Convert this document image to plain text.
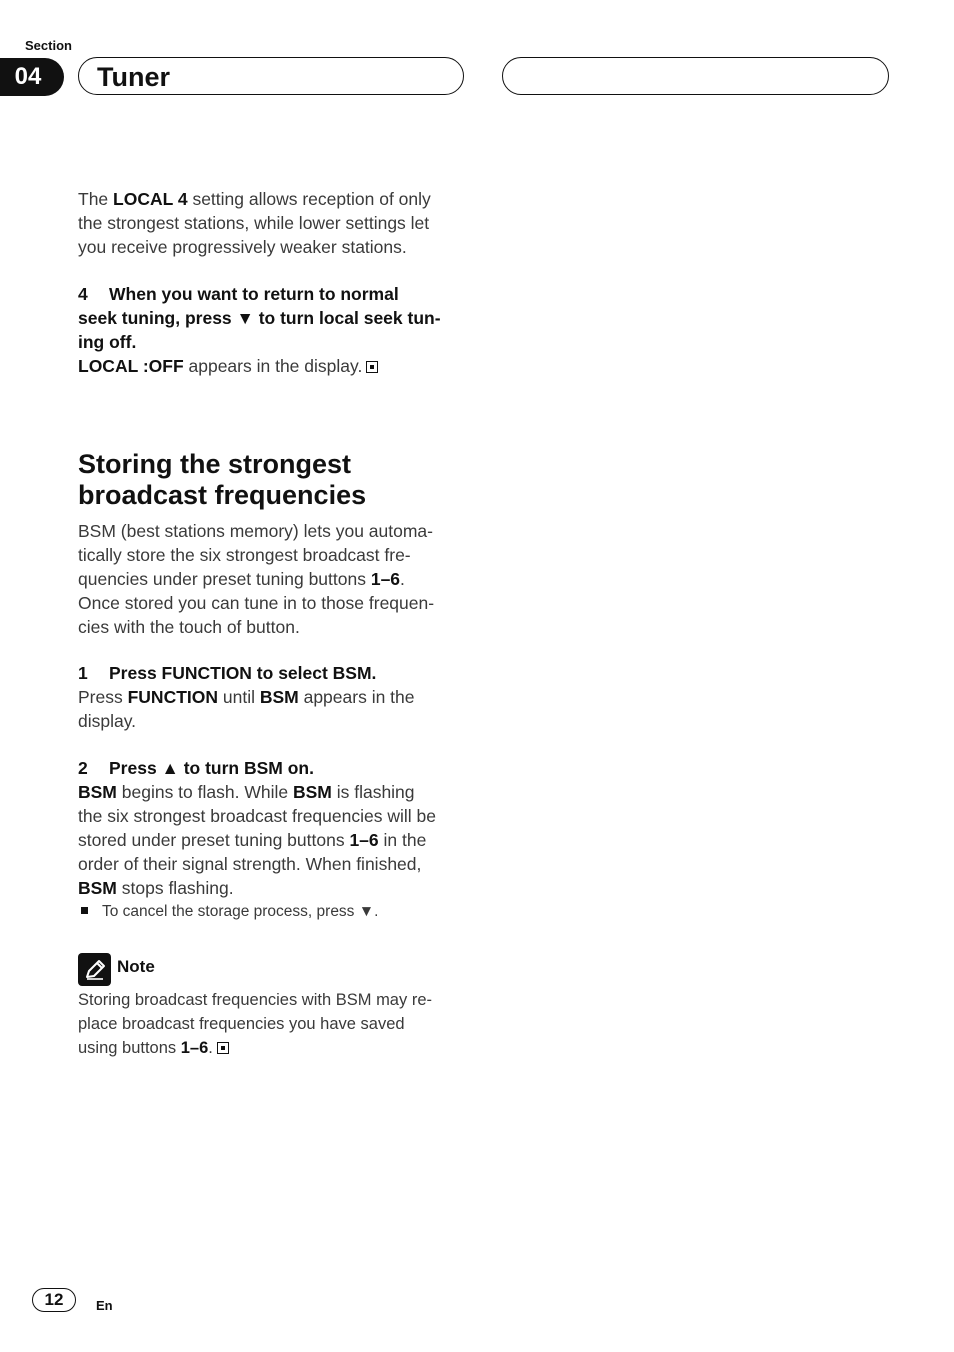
Section
04	Tuner

The LOCAL 4 setting allows reception of only

the strongest stations, while lower settings let

you receive progressively weaker stations.

4 When you want to return to normal

seek tuning, press ▼ to turn local seek tun-

ing off.

LOCAL :OFF appears in the display.

Storing the strongest

broadcast frequencies

BSM (best stations memory) lets you automa-

tically store the six strongest broadcast fre-

quencies under preset tuning buttons 1–6.

Once stored you can tune in to those frequen-

cies with the touch of button.

1 Press FUNCTION to select BSM.

Press FUNCTION until BSM appears in the

display.

2 Press ▲ to turn BSM on.

BSM begins to flash. While BSM is flashing

the six strongest broadcast frequencies will be

stored under preset tuning buttons 1–6 in the

order of their signal strength. When finished,

BSM stops flashing.

To cancel the storage process, press ▼.
Note

Storing broadcast frequencies with BSM may re-

place broadcast frequencies you have saved

using buttons 1–6.

12	En
